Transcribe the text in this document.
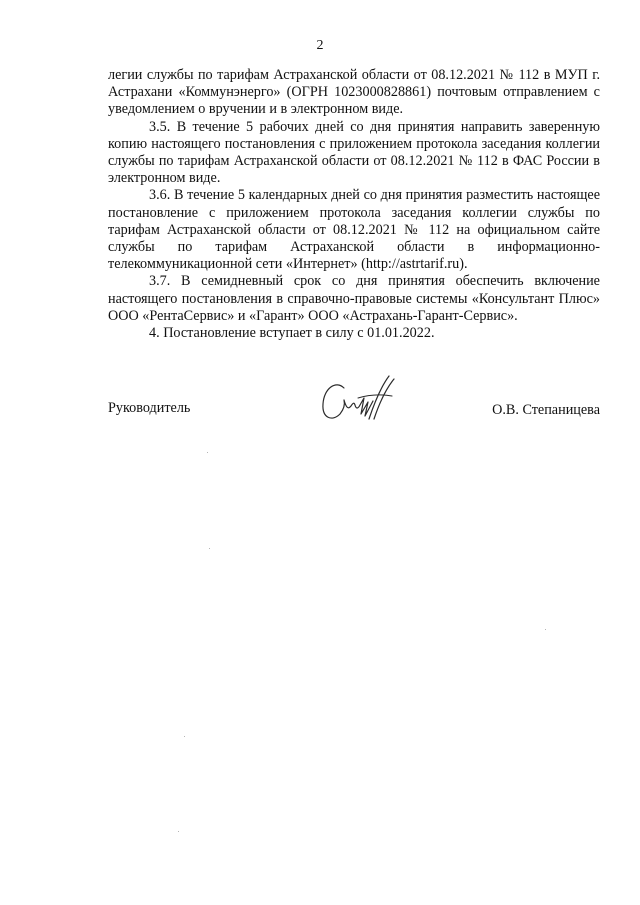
2

легии службы по тарифам Астраханской области от 08.12.2021 № 112 в МУП г. Астрахани «Коммунэнерго» (ОГРН 1023000828861) почтовым отправлением с уведомлением о вручении и в электронном виде.

3.5. В течение 5 рабочих дней со дня принятия направить заверенную копию настоящего постановления с приложением протокола заседания коллегии службы по тарифам Астраханской области от 08.12.2021 № 112 в ФАС России в электронном виде.

3.6. В течение 5 календарных дней со дня принятия разместить настоящее постановление с приложением протокола заседания коллегии службы по тарифам Астраханской области от 08.12.2021 № 112 на официальном сайте службы по тарифам Астраханской области в информационно-телекоммуникационной сети «Интернет» (http://astrtarif.ru).

3.7. В семидневный срок со дня принятия обеспечить включение настоящего постановления в справочно-правовые системы «Консультант Плюс» ООО «РентаСервис» и «Гарант» ООО «Астрахань-Гарант-Сервис».

4. Постановление вступает в силу с 01.01.2022.

Руководитель	О.В. Степаницева
